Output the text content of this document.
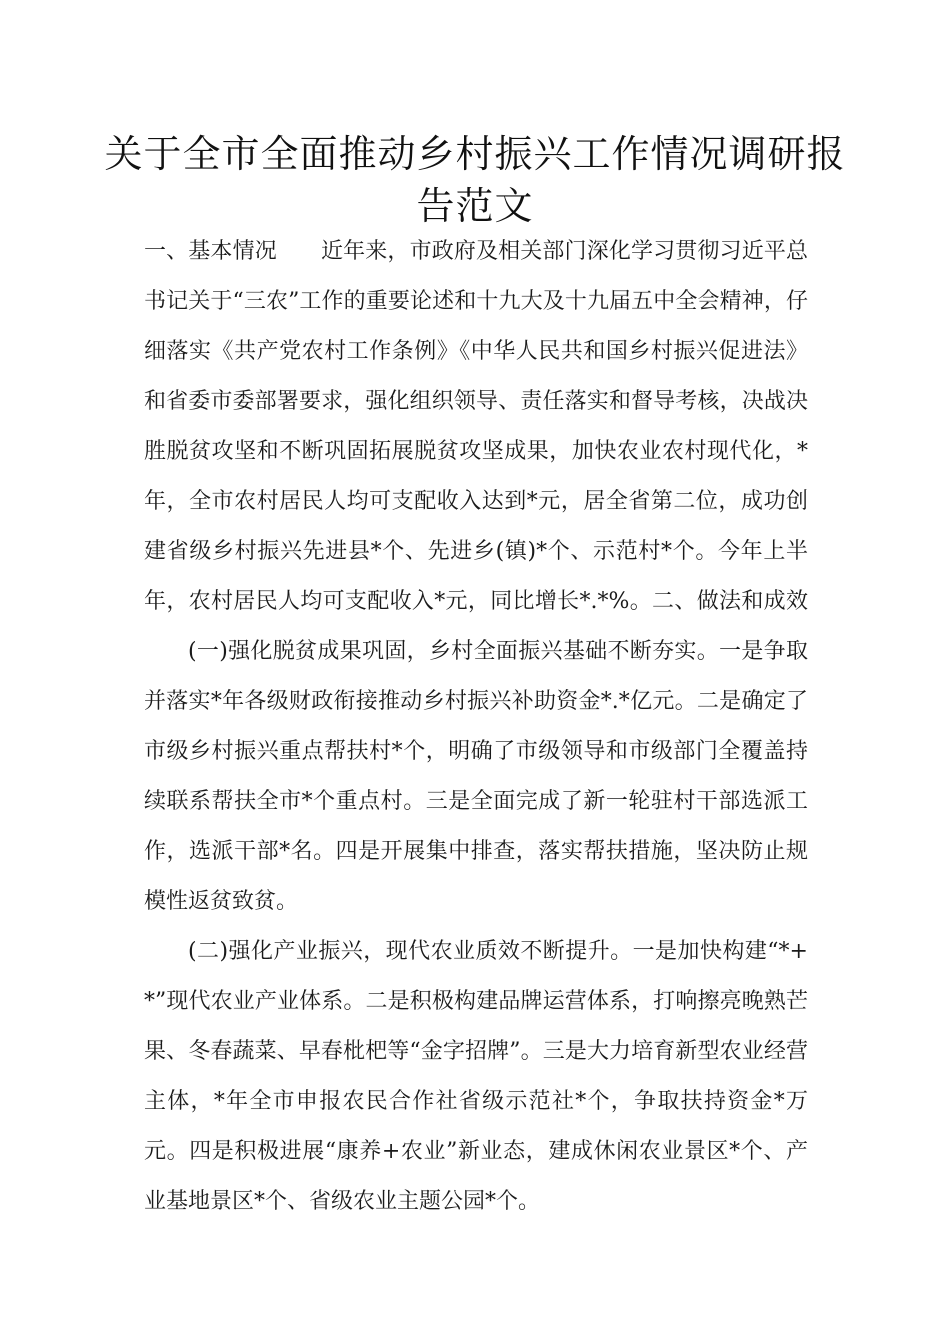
关于全市全面推动乡村振兴工作情况调研报告范文

一、基本情况 近年来，市政府及相关部门深化学习贯彻习近平总书记关于“三农”工作的重要论述和十九大及十九届五中全会精神，仔细落实《共产党农村工作条例》《中华人民共和国乡村振兴促进法》和省委市委部署要求，强化组织领导、责任落实和督导考核，决战决胜脱贫攻坚和不断巩固拓展脱贫攻坚成果，加快农业农村现代化，*年，全市农村居民人均可支配收入达到*元，居全省第二位，成功创建省级乡村振兴先进县*个、先进乡(镇)*个、示范村*个。今年上半年，农村居民人均可支配收入*元，同比增长*.*%。二、做法和成效(一)强化脱贫成果巩固，乡村全面振兴基础不断夯实。一是争取并落实*年各级财政衔接推动乡村振兴补助资金*.*亿元。二是确定了市级乡村振兴重点帮扶村*个，明确了市级领导和市级部门全覆盖持续联系帮扶全市*个重点村。三是全面完成了新一轮驻村干部选派工作，选派干部*名。四是开展集中排查，落实帮扶措施，坚决防止规模性返贫致贫。

(二)强化产业振兴，现代农业质效不断提升。一是加快构建“*+*”现代农业产业体系。二是积极构建品牌运营体系，打响擦亮晚熟芒果、冬春蔬菜、早春枇杷等“金字招牌”。三是大力培育新型农业经营主体，*年全市申报农民合作社省级示范社*个，争取扶持资金*万元。四是积极进展“康养+农业”新业态，建成休闲农业景区*个、产业基地景区*个、省级农业主题公园*个。
